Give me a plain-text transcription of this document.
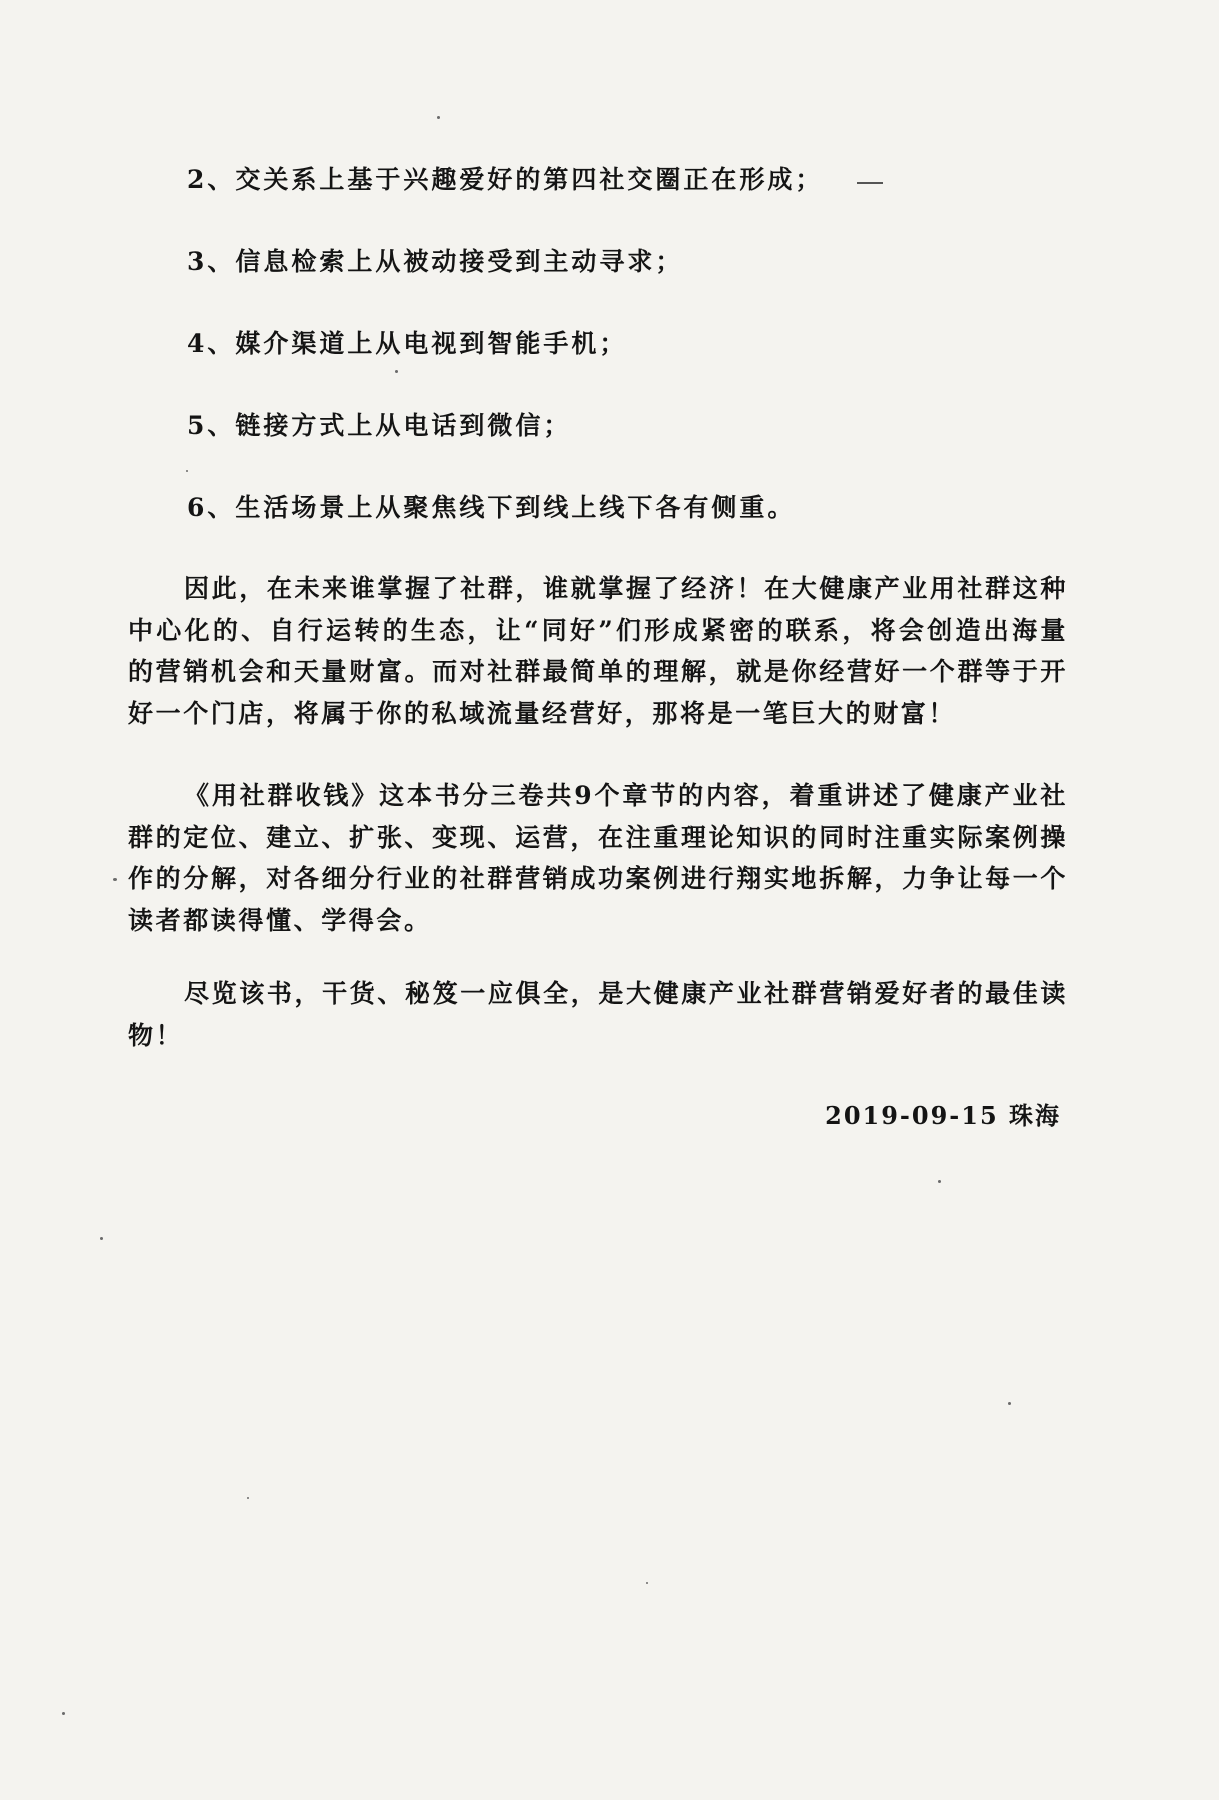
2、交关系上基于兴趣爱好的第四社交圈正在形成；
3、信息检索上从被动接受到主动寻求；
4、媒介渠道上从电视到智能手机；
5、链接方式上从电话到微信；
6、生活场景上从聚焦线下到线上线下各有侧重。
因此，在未来谁掌握了社群，谁就掌握了经济！在大健康产业用社群这种中心化的、自行运转的生态，让“同好”们形成紧密的联系，将会创造出海量的营销机会和天量财富。而对社群最简单的理解，就是你经营好一个群等于开好一个门店，将属于你的私域流量经营好，那将是一笔巨大的财富！
《用社群收钱》这本书分三卷共9个章节的内容，着重讲述了健康产业社群的定位、建立、扩张、变现、运营，在注重理论知识的同时注重实际案例操作的分解，对各细分行业的社群营销成功案例进行翔实地拆解，力争让每一个读者都读得懂、学得会。
尽览该书，干货、秘笈一应俱全，是大健康产业社群营销爱好者的最佳读物！
2019-09-15 珠海
